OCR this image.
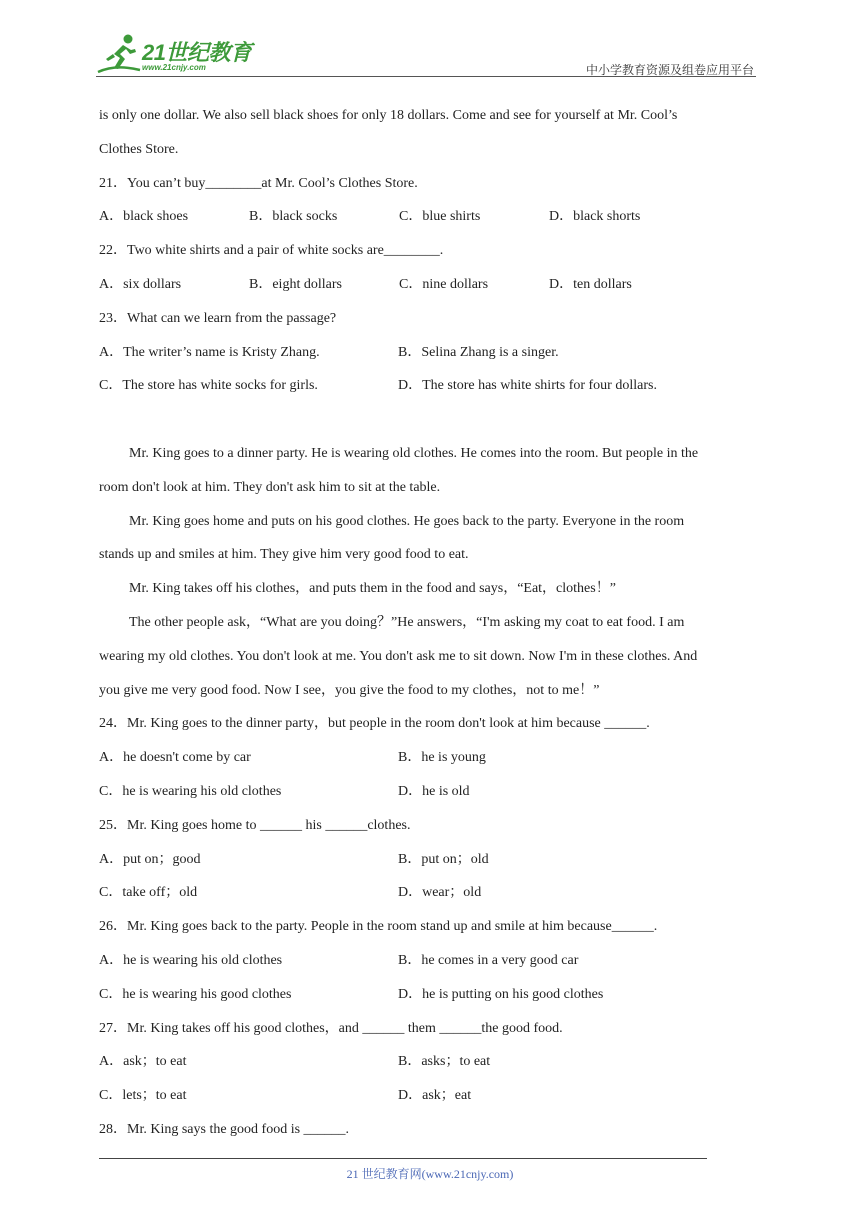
21世纪教育
www.21cnjy.com	中小学教育资源及组卷应用平台
is only one dollar. We also sell black shoes for only 18 dollars. Come and see for yourself at Mr. Cool’s
Clothes Store.
21．You can’t buy________at Mr. Cool’s Clothes Store.
A．black shoes	B．black socks	C．blue shirts	D．black shorts
22．Two white shirts and a pair of white socks are________.
A．six dollars	B．eight dollars	C．nine dollars	D．ten dollars
23．What can we learn from the passage?
A．The writer’s name is Kristy Zhang.	B．Selina Zhang is a singer.
C．The store has white socks for girls.	D．The store has white shirts for four dollars.
Mr. King goes to a dinner party. He is wearing old clothes. He comes into the room. But people in the
room don't look at him. They don't ask him to sit at the table.
Mr. King goes home and puts on his good clothes. He goes back to the party. Everyone in the room
stands up and smiles at him. They give him very good food to eat.
Mr. King takes off his clothes，and puts them in the food and says，“Eat，clothes！”
The other people ask，“What are you doing？”He answers，“I'm asking my coat to eat food. I am
wearing my old clothes. You don't look at me. You don't ask me to sit down. Now I'm in these clothes. And
you give me very good food. Now I see，you give the food to my clothes，not to me！”
24．Mr. King goes to the dinner party，but people in the room don't look at him because ______.
A．he doesn't come by car	B．he is young
C．he is wearing his old clothes	D．he is old
25．Mr. King goes home to ______ his ______clothes.
A．put on；good	B．put on；old
C．take off；old	D．wear；old
26．Mr. King goes back to the party. People in the room stand up and smile at him because______.
A．he is wearing his old clothes	B．he comes in a very good car
C．he is wearing his good clothes	D．he is putting on his good clothes
27．Mr. King takes off his good clothes，and ______ them ______the good food.
A．ask；to eat	B．asks；to eat
C．lets；to eat	D．ask；eat
28．Mr. King says the good food is ______.
21 世纪教育网(www.21cnjy.com)
